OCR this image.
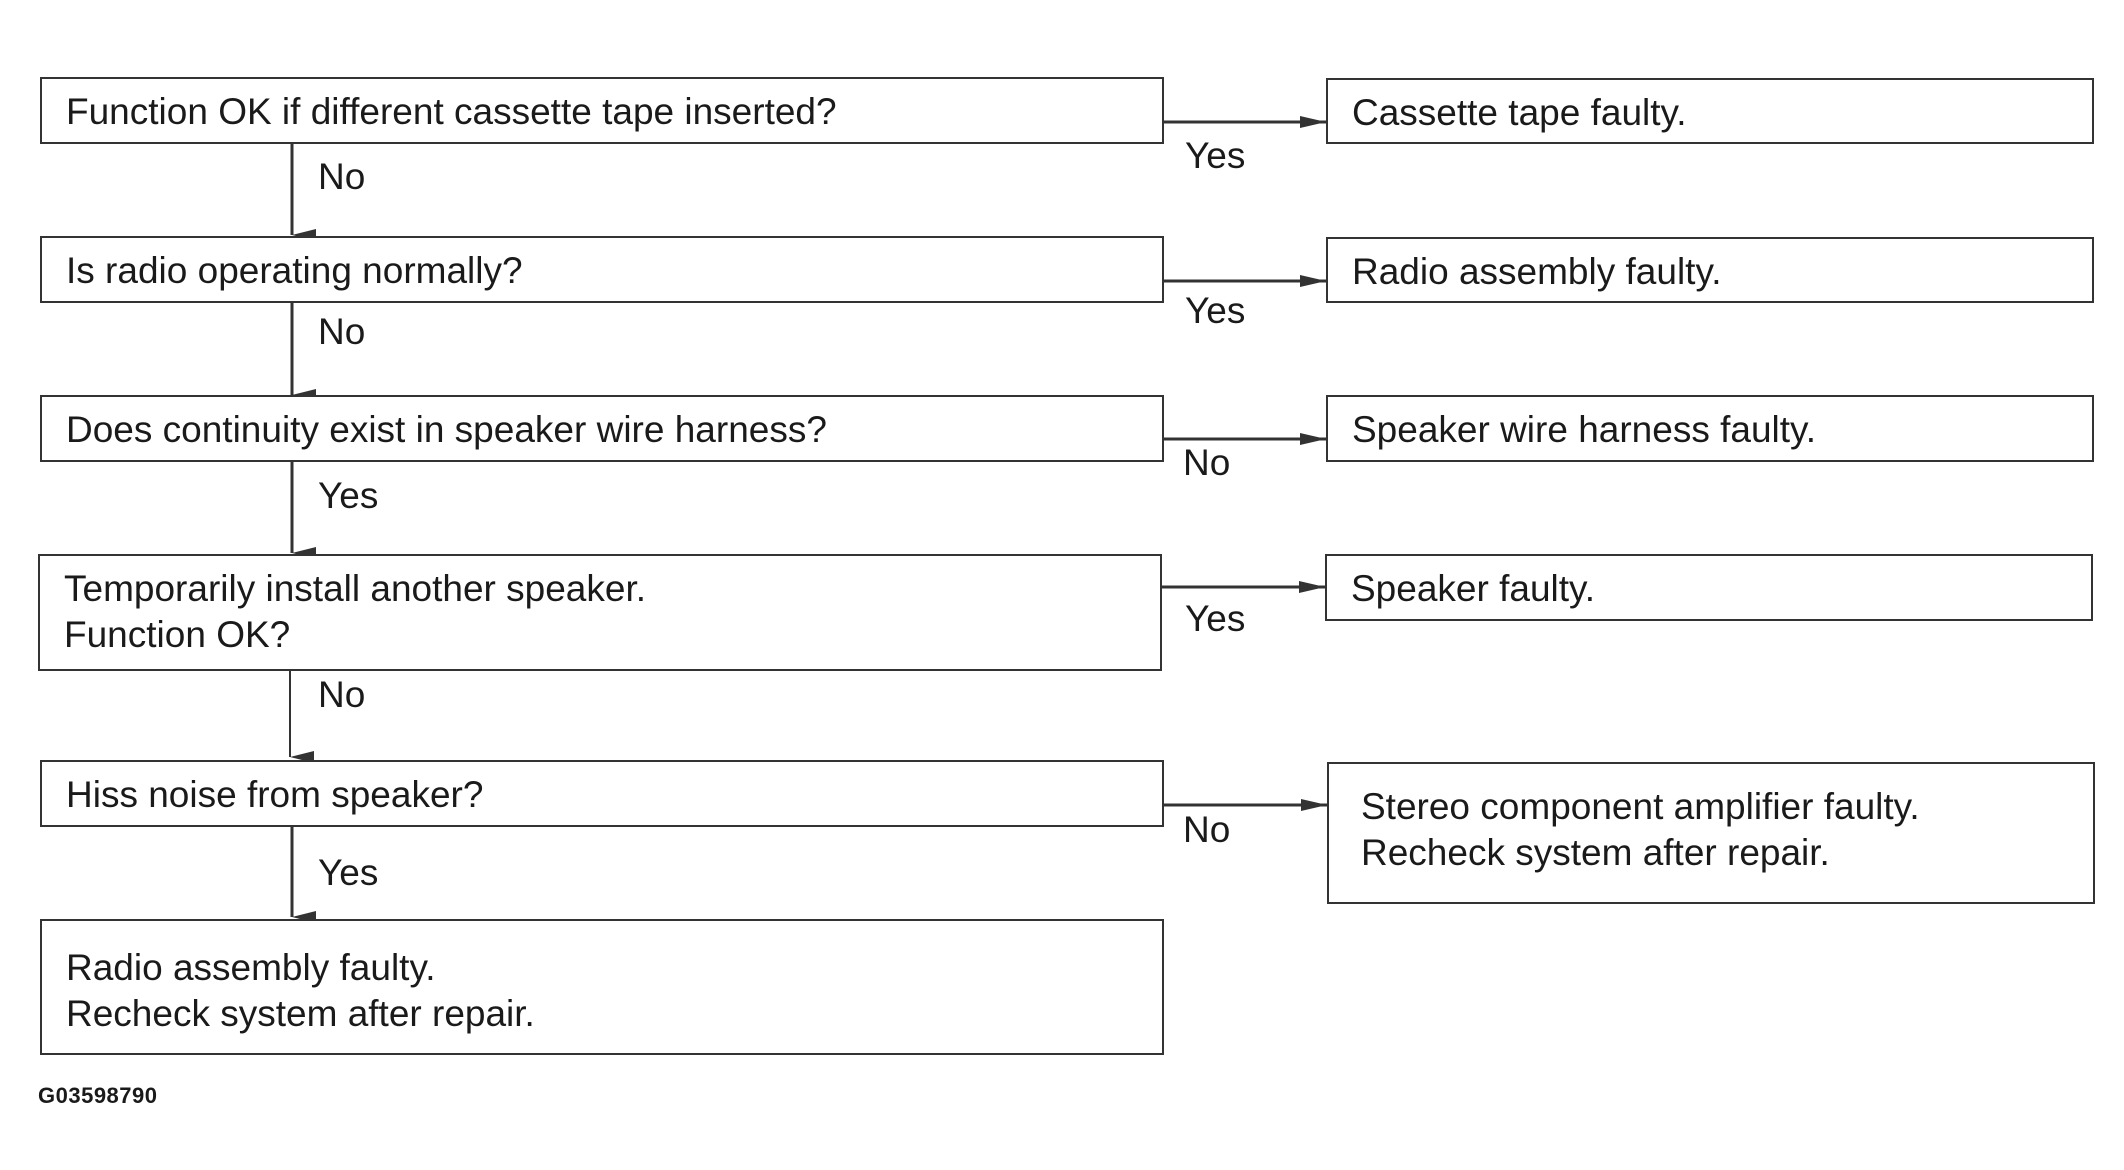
Function OK if different cassette tape inserted?	Cassette tape faulty.
Yes
No
Is radio operating normally?	Radio assembly faulty.
Yes
No
Does continuity exist in speaker wire harness?	Speaker wire harness faulty.
No
Yes
Temporarily install another speaker.
Function OK?
Speaker faulty.
Yes
No
Hiss noise from speaker?	Stereo component amplifier faulty.
Recheck system after repair.
No
Yes
Radio assembly faulty.
Recheck system after repair.
G03598790
